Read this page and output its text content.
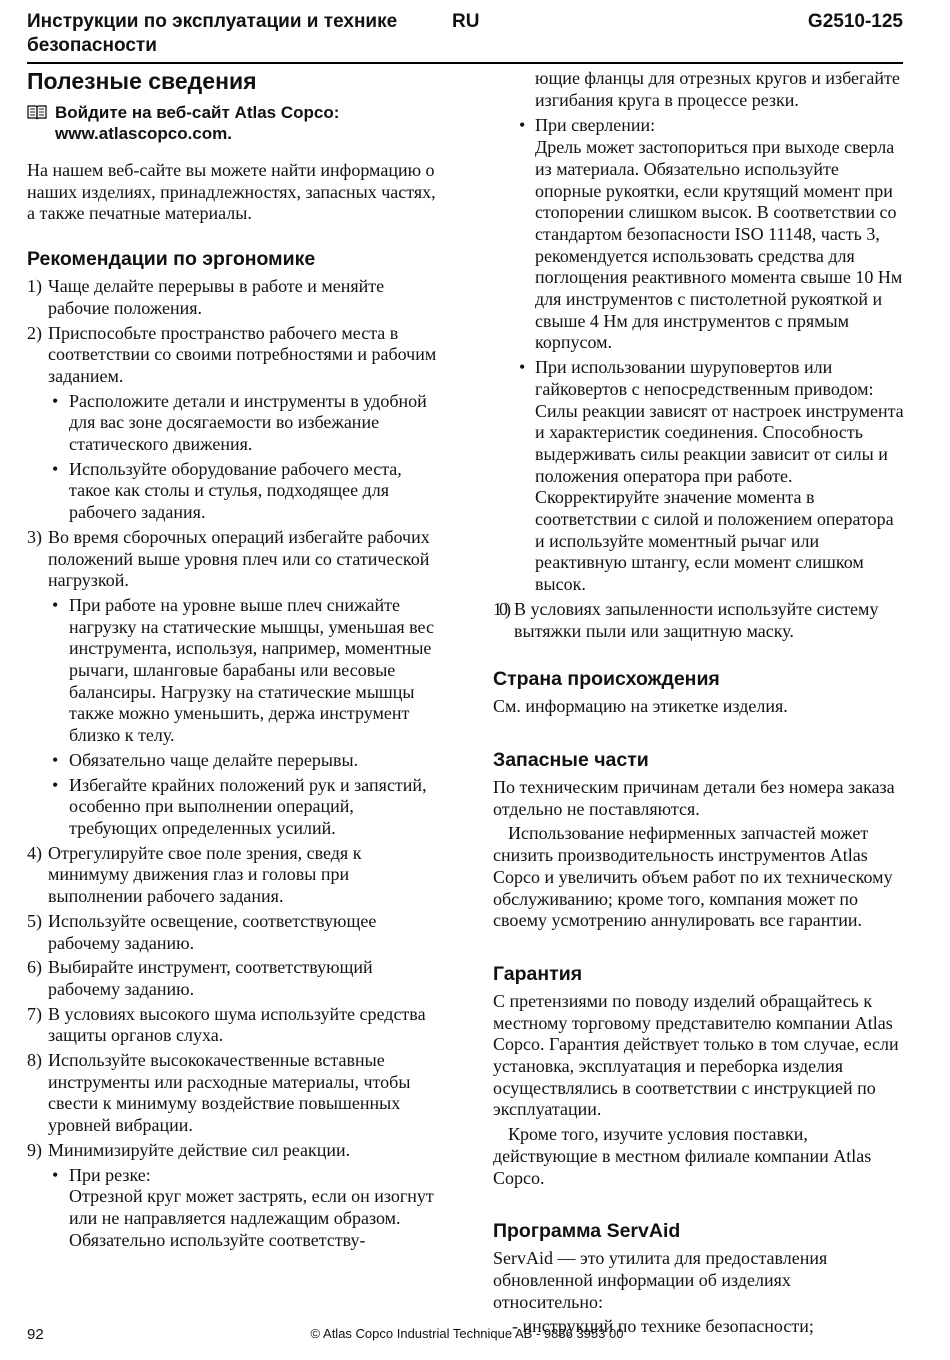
Инструкции по эксплуатации и технике безопасности
RU	G2510-125
Полезные сведения
Войдите на веб-сайт Atlas Copco: www.atlascopco.com.

На нашем веб-сайте вы можете найти информацию о наших изделиях, принадлежностях, запасных частях, а также печатные материалы.

Рекомендации по эргономике
1) Чаще делайте перерывы в работе и меняйте рабочие положения.
2) Приспособьте пространство рабочего места в соответствии со своими потребностями и рабочим заданием.
• Расположите детали и инструменты в удобной для вас зоне досягаемости во избежание статического движения.
• Используйте оборудование рабочего места, такое как столы и стулья, подходящее для рабочего задания.
3) Во время сборочных операций избегайте рабочих положений выше уровня плеч или со статической нагрузкой.
• При работе на уровне выше плеч снижайте нагрузку на статические мышцы, уменьшая вес инструмента, используя, например, моментные рычаги, шланговые барабаны или весовые балансиры. Нагрузку на статические мышцы также можно уменьшить, держа инструмент близко к телу.
• Обязательно чаще делайте перерывы.
• Избегайте крайних положений рук и запястий, особенно при выполнении операций, требующих определенных усилий.
4) Отрегулируйте свое поле зрения, сведя к минимуму движения глаз и головы при выполнении рабочего задания.
5) Используйте освещение, соответствующее рабочему заданию.
6) Выбирайте инструмент, соответствующий рабочему заданию.
7) В условиях высокого шума используйте средства защиты органов слуха.
8) Используйте высококачественные вставные инструменты или расходные материалы, чтобы свести к минимуму воздействие повышенных уровней вибрации.
9) Минимизируйте действие сил реакции.
• При резке:
Отрезной круг может застрять, если он изогнут или не направляется надлежащим образом. Обязательно используйте соответству-

ющие фланцы для отрезных кругов и избегайте изгибания круга в процессе резки.

• При сверлении:
Дрель может застопориться при выходе сверла из материала. Обязательно используйте опорные рукоятки, если крутящий момент при стопорении слишком высок. В соответствии со стандартом безопасности ISO 11148, часть 3, рекомендуется использовать средства для поглощения реактивного момента свыше 10 Нм для инструментов с пистолетной рукояткой и свыше 4 Нм для инструментов с прямым корпусом.
• При использовании шуруповертов или гайковертов с непосредственным приводом:
Силы реакции зависят от настроек инструмента и характеристик соединения. Способность выдерживать силы реакции зависит от силы и положения оператора при работе. Скорректируйте значение момента в соответствии с силой и положением оператора и используйте моментный рычаг или реактивную штангу, если момент слишком высок.
10) В условиях запыленности используйте систему вытяжки пыли или защитную маску.
Страна происхождения

См. информацию на этикетке изделия.

Запасные части

По техническим причинам детали без номера заказа отдельно не поставляются.

Использование нефирменных запчастей может снизить производительность инструментов Atlas Copco и увеличить объем работ по их техническому обслуживанию; кроме того, компания может по своему усмотрению аннулировать все гарантии.

Гарантия

С претензиями по поводу изделий обращайтесь к местному торговому представителю компании Atlas Copco. Гарантия действует только в том случае, если установка, эксплуатация и переборка изделия осуществлялись в соответствии с инструкцией по эксплуатации.

Кроме того, изучите условия поставки, действующие в местном филиале компании Atlas Copco.

Программа ServAid

ServAid — это утилита для предоставления обновленной информации об изделиях относительно:

- инструкций по технике безопасности;

92	© Atlas Copco Industrial Technique AB - 9836 3953 00
